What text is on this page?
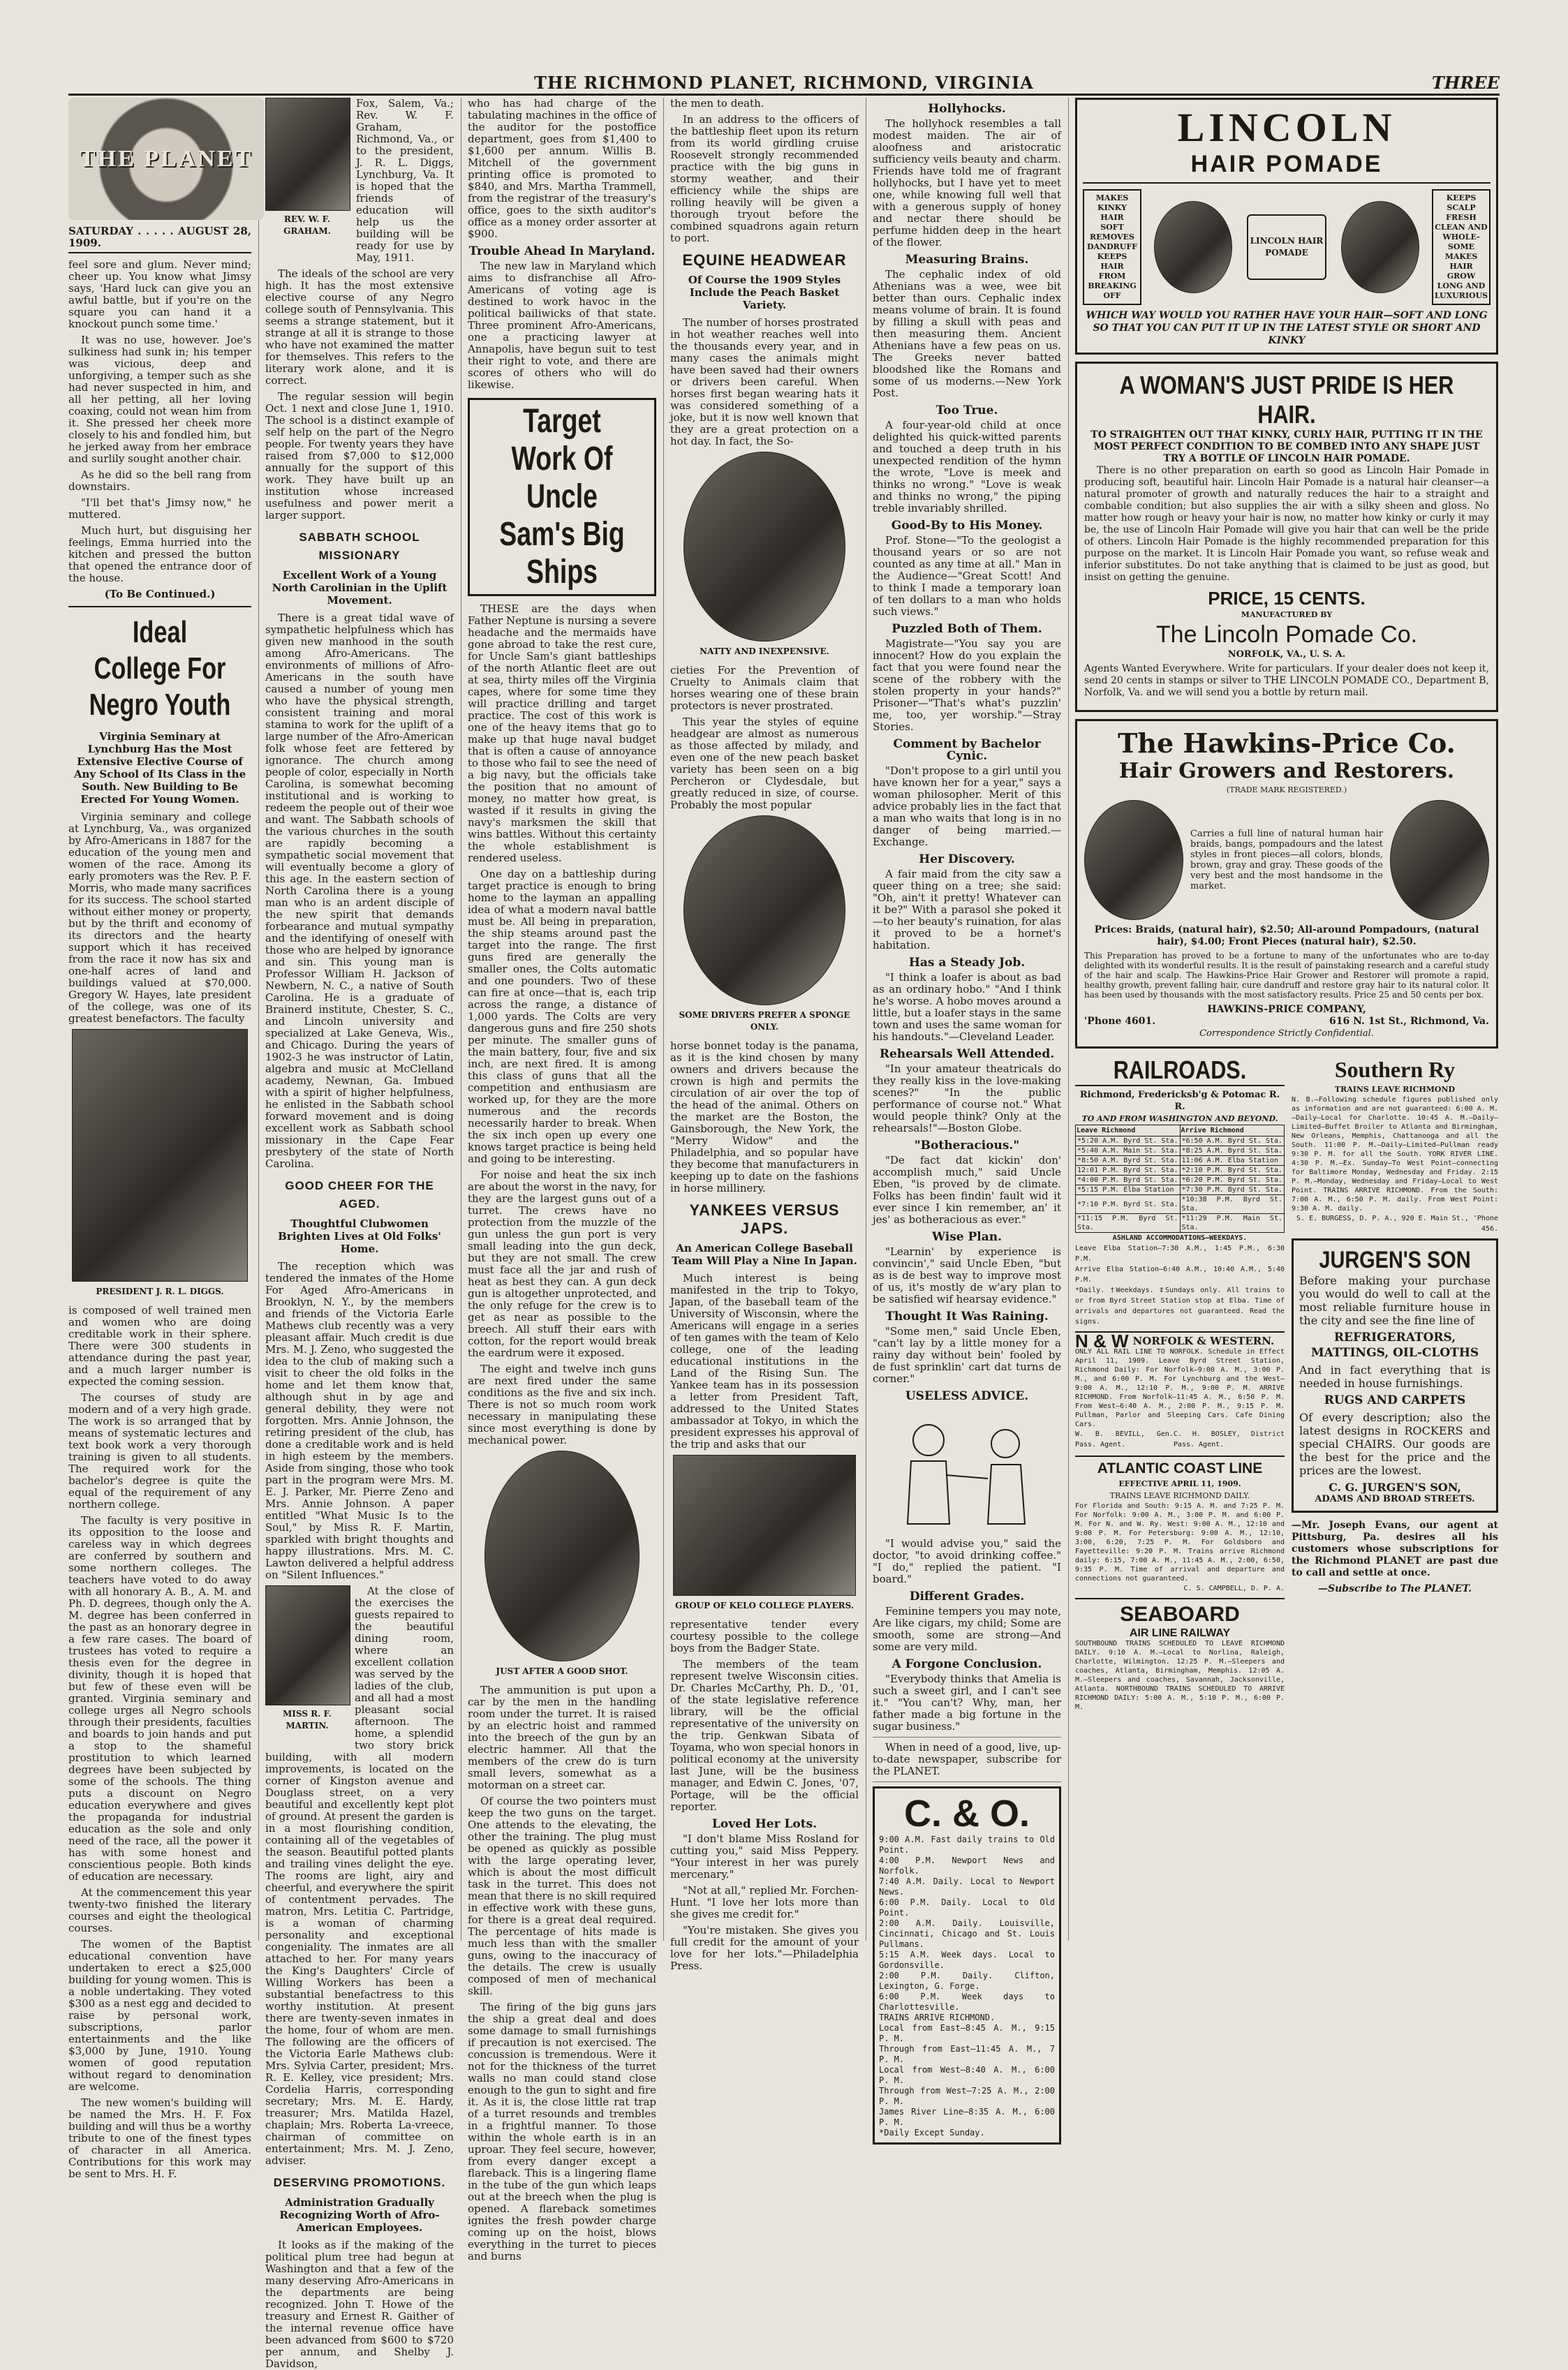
THE RICHMOND PLANET, RICHMOND, VIRGINIA	THREE
THE PLANET
SATURDAY . . . . . AUGUST 28, 1909.

feel sore and glum. Never mind; cheer up. You know what Jimsy says, 'Hard luck can give you an awful battle, but if you're on the square you can hand it a knockout punch some time.'

It was no use, however. Joe's sulkiness had sunk in; his temper was vicious, deep and unforgiving, a temper such as she had never suspected in him, and all her petting, all her loving coaxing, could not wean him from it. She pressed her cheek more closely to his and fondled him, but he jerked away from her embrace and surlily sought another chair.

As he did so the bell rang from downstairs.

"I'll bet that's Jimsy now," he muttered.

Much hurt, but disguising her feelings, Emma hurried into the kitchen and pressed the button that opened the entrance door of the house.

(To Be Continued.)
Ideal College For Negro Youth
Virginia Seminary at Lynchburg Has the Most Extensive Elective Course of Any School of Its Class in the South. New Building to Be Erected For Young Women.

Virginia seminary and college at Lynchburg, Va., was organized by Afro-Americans in 1887 for the education of the young men and women of the race. Among its early promoters was the Rev. P. F. Morris, who made many sacrifices for its success. The school started without either money or property, but by the thrift and economy of its directors and the hearty support which it has received from the race it now has six and one-half acres of land and buildings valued at $70,000. Gregory W. Hayes, late president of the college, was one of its greatest benefactors. The faculty

PRESIDENT J. R. L. DIGGS.

is composed of well trained men and women who are doing creditable work in their sphere. There were 300 students in attendance during the past year, and a much larger number is expected the coming session.

The courses of study are modern and of a very high grade. The work is so arranged that by means of systematic lectures and text book work a very thorough training is given to all students. The required work for the bachelor's degree is quite the equal of the requirement of any northern college.

The faculty is very positive in its opposition to the loose and careless way in which degrees are conferred by southern and some northern colleges. The teachers have voted to do away with all honorary A. B., A. M. and Ph. D. degrees, though only the A. M. degree has been conferred in the past as an honorary degree in a few rare cases. The board of trustees has voted to require a thesis even for the degree in divinity, though it is hoped that but few of these even will be granted. Virginia seminary and college urges all Negro schools through their presidents, faculties and boards to join hands and put a stop to the shameful prostitution to which learned degrees have been subjected by some of the schools. The thing puts a discount on Negro education everywhere and gives the propaganda for industrial education as the sole and only need of the race, all the power it has with some honest and conscientious people. Both kinds of education are necessary.

At the commencement this year twenty-two finished the literary courses and eight the theological courses.

The women of the Baptist educational convention have undertaken to erect a $25,000 building for young women. This is a noble undertaking. They voted $300 as a nest egg and decided to raise by personal work, subscriptions, parlor entertainments and the like $3,000 by June, 1910. Young women of good reputation without regard to denomination are welcome.

The new women's building will be named the Mrs. H. F. Fox building and will thus be a worthy tribute to one of the finest types of character in all America. Contributions for this work may be sent to Mrs. H. F.

REV. W. F. GRAHAM.

Fox, Salem, Va.; Rev. W. F. Graham, Richmond, Va., or to the president, J. R. L. Diggs, Lynchburg, Va. It is hoped that the friends of education will help us the building will be ready for use by May, 1911.

The ideals of the school are very high. It has the most extensive elective course of any Negro college south of Pennsylvania. This seems a strange statement, but it strange at all it is strange to those who have not examined the matter for themselves. This refers to the literary work alone, and it is correct.

The regular session will begin Oct. 1 next and close June 1, 1910. The school is a distinct example of self help on the part of the Negro people. For twenty years they have raised from $7,000 to $12,000 annually for the support of this work. They have built up an institution whose increased usefulness and power merit a larger support.

SABBATH SCHOOL MISSIONARY
Excellent Work of a Young North Carolinian in the Uplift Movement.

There is a great tidal wave of sympathetic helpfulness which has given new manhood in the south among Afro-Americans. The environments of millions of Afro-Americans in the south have caused a number of young men who have the physical strength, consistent training and moral stamina to work for the uplift of a large number of the Afro-American folk whose feet are fettered by ignorance. The church among people of color, especially in North Carolina, is somewhat becoming institutional and is working to redeem the people out of their woe and want. The Sabbath schools of the various churches in the south are rapidly becoming a sympathetic social movement that will eventually become a glory of this age. In the eastern section of North Carolina there is a young man who is an ardent disciple of the new spirit that demands forbearance and mutual sympathy and the identifying of oneself with those who are helped by ignorance and sin. This young man is Professor William H. Jackson of Newbern, N. C., a native of South Carolina. He is a graduate of Brainerd institute, Chester, S. C., and Lincoln university and specialized at Lake Geneva, Wis., and Chicago. During the years of 1902-3 he was instructor of Latin, algebra and music at McClelland academy, Newnan, Ga. Imbued with a spirit of higher helpfulness, he enlisted in the Sabbath school forward movement and is doing excellent work as Sabbath school missionary in the Cape Fear presbytery of the state of North Carolina.

GOOD CHEER FOR THE AGED.
Thoughtful Clubwomen Brighten Lives at Old Folks' Home.

The reception which was tendered the inmates of the Home For Aged Afro-Americans in Brooklyn, N. Y., by the members and friends of the Victoria Earle Mathews club recently was a very pleasant affair. Much credit is due Mrs. M. J. Zeno, who suggested the idea to the club of making such a visit to cheer the old folks in the home and let them know that, although shut in by age and general debility, they were not forgotten. Mrs. Annie Johnson, the retiring president of the club, has done a creditable work and is held in high esteem by the members. Aside from singing, those who took part in the program were Mrs. M. E. J. Parker, Mr. Pierre Zeno and Mrs. Annie Johnson. A paper entitled "What Music Is to the Soul," by Miss R. F. Martin, sparkled with bright thoughts and happy illustrations. Mrs. M. C. Lawton delivered a helpful address on "Silent Influences."

MISS R. F. MARTIN.

At the close of the exercises the guests repaired to the beautiful dining room, where an excellent collation was served by the ladies of the club, and all had a most pleasant social afternoon. The home, a splendid two story brick building, with all modern improvements, is located on the corner of Kingston avenue and Douglass street, on a very beautiful and excellently kept plot of ground. At present the garden is in a most flourishing condition, containing all of the vegetables of the season. Beautiful potted plants and trailing vines delight the eye. The rooms are light, airy and cheerful, and everywhere the spirit of contentment pervades. The matron, Mrs. Letitia C. Partridge, is a woman of charming personality and exceptional congeniality. The inmates are all attached to her. For many years the King's Daughters' Circle of Willing Workers has been a substantial benefactress to this worthy institution. At present there are twenty-seven inmates in the home, four of whom are men. The following are the officers of the Victoria Earle Mathews club: Mrs. Sylvia Carter, president; Mrs. R. E. Kelley, vice president; Mrs. Cordelia Harris, corresponding secretary; Mrs. M. E. Hardy, treasurer; Mrs. Matilda Hazel, chaplain; Mrs. Roberta La-vreece, chairman of committee on entertainment; Mrs. M. J. Zeno, adviser.

DESERVING PROMOTIONS.
Administration Gradually Recognizing Worth of Afro-American Employees.

It looks as if the making of the political plum tree had begun at Washington and that a few of the many deserving Afro-Americans in the departments are being recognized. John T. Howe of the treasury and Ernest R. Gaither of the internal revenue office have been advanced from $600 to $720 per annum, and Shelby J. Davidson,

who has had charge of the tabulating machines in the office of the auditor for the postoffice department, goes from $1,400 to $1,600 per annum. Willis B. Mitchell of the government printing office is promoted to $840, and Mrs. Martha Trammell, from the registrar of the treasury's office, goes to the sixth auditor's office as a money order assorter at $900.

Trouble Ahead In Maryland.

The new law in Maryland which aims to disfranchise all Afro-Americans of voting age is destined to work havoc in the political bailiwicks of that state. Three prominent Afro-Americans, one a practicing lawyer at Annapolis, have begun suit to test their right to vote, and there are scores of others who will do likewise.

Target Work Of Uncle Sam's Big Ships

THESE are the days when Father Neptune is nursing a severe headache and the mermaids have gone abroad to take the rest cure, for Uncle Sam's giant battleships of the north Atlantic fleet are out at sea, thirty miles off the Virginia capes, where for some time they will practice drilling and target practice. The cost of this work is one of the heavy items that go to make up that huge naval budget that is often a cause of annoyance to those who fail to see the need of a big navy, but the officials take the position that no amount of money, no matter how great, is wasted if it results in giving the navy's marksmen the skill that wins battles. Without this certainty the whole establishment is rendered useless.

One day on a battleship during target practice is enough to bring home to the layman an appalling idea of what a modern naval battle must be. All being in preparation, the ship steams around past the target into the range. The first guns fired are generally the smaller ones, the Colts automatic and one pounders. Two of these can fire at once—that is, each trip across the range, a distance of 1,000 yards. The Colts are very dangerous guns and fire 250 shots per minute. The smaller guns of the main battery, four, five and six inch, are next fired. It is among this class of guns that all the competition and enthusiasm are worked up, for they are the more numerous and the records necessarily harder to break. When the six inch open up every one knows target practice is being held and going to be interesting.

For noise and heat the six inch are about the worst in the navy, for they are the largest guns out of a turret. The crews have no protection from the muzzle of the gun unless the gun port is very small leading into the gun deck, but they are not small. The crew must face all the jar and rush of heat as best they can. A gun deck gun is altogether unprotected, and the only refuge for the crew is to get as near as possible to the breech. All stuff their ears with cotton, for the report would break the eardrum were it exposed.

The eight and twelve inch guns are next fired under the same conditions as the five and six inch. There is not so much room work necessary in manipulating these since most everything is done by mechanical power.

JUST AFTER A GOOD SHOT.

The ammunition is put upon a car by the men in the handling room under the turret. It is raised by an electric hoist and rammed into the breech of the gun by an electric hammer. All that the members of the crew do is turn small levers, somewhat as a motorman on a street car.

Of course the two pointers must keep the two guns on the target. One attends to the elevating, the other the training. The plug must be opened as quickly as possible with the large operating lever, which is about the most difficult task in the turret. This does not mean that there is no skill required in effective work with these guns, for there is a great deal required. The percentage of hits made is much less than with the smaller guns, owing to the inaccuracy of the details. The crew is usually composed of men of mechanical skill.

The firing of the big guns jars the ship a great deal and does some damage to small furnishings if precaution is not exercised. The concussion is tremendous. Were it not for the thickness of the turret walls no man could stand close enough to the gun to sight and fire it. As it is, the close little rat trap of a turret resounds and trembles in a frightful manner. To those within the whole earth is in an uproar. They feel secure, however, from every danger except a flareback. This is a lingering flame in the tube of the gun which leaps out at the breech when the plug is opened. A flareback sometimes ignites the fresh powder charge coming up on the hoist, blows everything in the turret to pieces and burns

the men to death.

In an address to the officers of the battleship fleet upon its return from its world girdling cruise Roosevelt strongly recommended practice with the big guns in stormy weather, and their efficiency while the ships are rolling heavily will be given a thorough tryout before the combined squadrons again return to port.

EQUINE HEADWEAR
Of Course the 1909 Styles Include the Peach Basket Variety.

The number of horses prostrated in hot weather reaches well into the thousands every year, and in many cases the animals might have been saved had their owners or drivers been careful. When horses first began wearing hats it was considered something of a joke, but it is now well known that they are a great protection on a hot day. In fact, the So-

NATTY AND INEXPENSIVE.

cieties For the Prevention of Cruelty to Animals claim that horses wearing one of these brain protectors is never prostrated.

This year the styles of equine headgear are almost as numerous as those affected by milady, and even one of the new peach basket variety has been seen on a big Percheron or Clydesdale, but greatly reduced in size, of course. Probably the most popular

SOME DRIVERS PREFER A SPONGE ONLY.

horse bonnet today is the panama, as it is the kind chosen by many owners and drivers because the crown is high and permits the circulation of air over the top of the head of the animal. Others on the market are the Boston, the Gainsborough, the New York, the "Merry Widow" and the Philadelphia, and so popular have they become that manufacturers in keeping up to date on the fashions in horse millinery.

YANKEES VERSUS JAPS.
An American College Baseball Team Will Play a Nine In Japan.

Much interest is being manifested in the trip to Tokyo, Japan, of the baseball team of the University of Wisconsin, where the Americans will engage in a series of ten games with the team of Kelo college, one of the leading educational institutions in the Land of the Rising Sun. The Yankee team has in its possession a letter from President Taft, addressed to the United States ambassador at Tokyo, in which the president expresses his approval of the trip and asks that our

GROUP OF KELO COLLEGE PLAYERS.

representative tender every courtesy possible to the college boys from the Badger State.

The members of the team represent twelve Wisconsin cities. Dr. Charles McCarthy, Ph. D., '01, of the state legislative reference library, will be the official representative of the university on the trip. Genkwan Sibata of Toyama, who won special honors in political economy at the university last June, will be the business manager, and Edwin C. Jones, '07, Portage, will be the official reporter.

Loved Her Lots.

"I don't blame Miss Rosland for cutting you," said Miss Peppery. "Your interest in her was purely mercenary."

"Not at all," replied Mr. Forchen-Hunt. "I love her lots more than she gives me credit for."

"You're mistaken. She gives you full credit for the amount of your love for her lots."—Philadelphia Press.

Hollyhocks.

The hollyhock resembles a tall modest maiden. The air of aloofness and aristocratic sufficiency veils beauty and charm. Friends have told me of fragrant hollyhocks, but I have yet to meet one, while knowing full well that with a generous supply of honey and nectar there should be perfume hidden deep in the heart of the flower.

Measuring Brains.

The cephalic index of old Athenians was a wee, wee bit better than ours. Cephalic index means volume of brain. It is found by filling a skull with peas and then measuring them. Ancient Athenians have a few peas on us. The Greeks never batted bloodshed like the Romans and some of us moderns.—New York Post.

Too True.

A four-year-old child at once delighted his quick-witted parents and touched a deep truth in his unexpected rendition of the hymn the wrote, "Love is meek and thinks no wrong." "Love is weak and thinks no wrong," the piping treble invariably shrilled.

Good-By to His Money.

Prof. Stone—"To the geologist a thousand years or so are not counted as any time at all." Man in the Audience—"Great Scott! And to think I made a temporary loan of ten dollars to a man who holds such views."

Puzzled Both of Them.

Magistrate—"You say you are innocent? How do you explain the fact that you were found near the scene of the robbery with the stolen property in your hands?" Prisoner—"That's what's puzzlin' me, too, yer worship."—Stray Stories.

Comment by Bachelor Cynic.

"Don't propose to a girl until you have known her for a year," says a woman philosopher. Merit of this advice probably lies in the fact that a man who waits that long is in no danger of being married.—Exchange.

Her Discovery.

A fair maid from the city saw a queer thing on a tree; she said: "Oh, ain't it pretty! Whatever can it be?" With a parasol she poked it—to her beauty's ruination, for alas it proved to be a hornet's habitation.

Has a Steady Job.

"I think a loafer is about as bad as an ordinary hobo." "And I think he's worse. A hobo moves around a little, but a loafer stays in the same town and uses the same woman for his handouts."—Cleveland Leader.

Rehearsals Well Attended.

"In your amateur theatricals do they really kiss in the love-making scenes?" "In the public performance of course not." What would people think? Only at the rehearsals!"—Boston Globe.

"Botheracious."

"De fact dat kickin' don' accomplish much," said Uncle Eben, "is proved by de climate. Folks has been findin' fault wid it ever since I kin remember, an' it jes' as botheracious as ever."

Wise Plan.

"Learnin' by experience is convincin'," said Uncle Eben, "but as is de best way to improve most of us, it's mostly de w'ary plan to be satisfied wif hearsay evidence."

Thought It Was Raining.

"Some men," said Uncle Eben, "can't lay by a little money for a rainy day without bein' fooled by de fust sprinklin' cart dat turns de corner."

USELESS ADVICE.

"I would advise you," said the doctor, "to avoid drinking coffee." "I do," replied the patient. "I board."

Different Grades.

Feminine tempers you may note, Are like cigars, my child; Some are smooth, some are strong—And some are very mild.

A Forgone Conclusion.

"Everybody thinks that Amelia is such a sweet girl, and I can't see it." "You can't? Why, man, her father made a big fortune in the sugar business."

When in need of a good, live, up-to-date newspaper, subscribe for the PLANET.

C. & O.
9:00 A.M. Fast daily trains to Old Point.
4:00 P.M. Newport News and Norfolk.
7:40 A.M. Daily. Local to Newport News.
6:00 P.M. Daily. Local to Old Point.
2:00 A.M. Daily. Louisville, Cincinnati, Chicago and St. Louis Pullmans.
5:15 A.M. Week days. Local to Gordonsville.
2:00 P.M. Daily. Clifton, Lexington, G. Forge.
6:00 P.M. Week days to Charlottesville.
TRAINS ARRIVE RICHMOND.
Local from East—8:45 A. M., 9:15 P. M.
Through from East—11:45 A. M., 7 P. M.
Local from West—8:40 A. M., 6:00 P. M.
Through from West—7:25 A. M., 2:00 P. M.
James River Line—8:35 A. M., 6:00 P. M.
*Daily Except Sunday.
LINCOLN
HAIR POMADE
MAKES
KINKY
HAIR
SOFT
REMOVES
DANDRUFF
KEEPS
HAIR
FROM
BREAKING
OFF
LINCOLN HAIR POMADE
KEEPS
SCALP
FRESH
CLEAN AND
WHOLE-
SOME
MAKES
HAIR
GROW
LONG AND
LUXURIOUS
WHICH WAY WOULD YOU RATHER HAVE YOUR HAIR—SOFT AND LONG SO THAT YOU CAN PUT IT UP IN THE LATEST STYLE OR SHORT AND KINKY
A WOMAN'S JUST PRIDE IS HER HAIR.
TO STRAIGHTEN OUT THAT KINKY, CURLY HAIR, PUTTING IT IN THE MOST PERFECT CONDITION TO BE COMBED INTO ANY SHAPE JUST TRY A BOTTLE OF LINCOLN HAIR POMADE.

There is no other preparation on earth so good as Lincoln Hair Pomade in producing soft, beautiful hair. Lincoln Hair Pomade is a natural hair cleanser—a natural promoter of growth and naturally reduces the hair to a straight and combable condition; but also supplies the air with a silky sheen and gloss. No matter how rough or heavy your hair is now, no matter how kinky or curly it may be, the use of Lincoln Hair Pomade will give you hair that can well be the pride of others. Lincoln Hair Pomade is the highly recommended preparation for this purpose on the market. It is Lincoln Hair Pomade you want, so refuse weak and inferior substitutes. Do not take anything that is claimed to be just as good, but insist on getting the genuine.

PRICE, 15 CENTS.
MANUFACTURED BY
The Lincoln Pomade Co.
NORFOLK, VA., U. S. A.

Agents Wanted Everywhere. Write for particulars. If your dealer does not keep it, send 20 cents in stamps or silver to THE LINCOLN POMADE CO., Department B, Norfolk, Va. and we will send you a bottle by return mail.

The Hawkins-Price Co.
Hair Growers and Restorers.
(TRADE MARK REGISTERED.)
Carries a full line of natural human hair braids, bangs, pompadours and the latest styles in front pieces—all colors, blonds, brown, gray and gray. These goods of the very best and the most handsome in the market.
Prices: Braids, (natural hair), $2.50; All-around Pompadours, (natural hair), $4.00; Front Pieces (natural hair), $2.50.

This Preparation has proved to be a fortune to many of the unfortunates who are to-day delighted with its wonderful results. It is the result of painstaking research and a careful study of the hair and scalp. The Hawkins-Price Hair Grower and Restorer will promote a rapid, healthy growth, prevent falling hair, cure dandruff and restore gray hair to its natural color. It has been used by thousands with the most satisfactory results. Price 25 and 50 cents per box.

HAWKINS-PRICE COMPANY,
'Phone 4601.	616 N. 1st St., Richmond, Va.
Correspondence Strictly Confidential.
RAILROADS.
Richmond, Fredericksb'g & Potomac R. R.
TO AND FROM WASHINGTON AND BEYOND.
Leave Richmond	Arrive Richmond
*5:20 A.M. Byrd St. Sta.	*6:50 A.M. Byrd St. Sta.
*5:40 A.M. Main St. Sta.	*8:25 A.M. Byrd St. Sta.
*8:50 A.M. Byrd St. Sta.	11:06 A.M. Elba Station
12:01 P.M. Byrd St. Sta.	*2:10 P.M. Byrd St. Sta.
*4:00 P.M. Byrd St. Sta.	*6:20 P.M. Byrd St. Sta.
*5:15 P.M. Elba Station	*7:30 P.M. Byrd St. Sta.
*7:10 P.M. Byrd St. Sta.	*10:38 P.M. Byrd St. Sta.
*11:15 P.M. Byrd St. Sta.	*11:29 P.M. Main St. Sta.
ASHLAND ACCOMMODATIONS—WEEKDAYS.
Leave Elba Station—7:30 A.M., 1:45 P.M., 6:30 P.M.
Arrive Elba Station—6:40 A.M., 10:40 A.M., 5:40 P.M.
*Daily. †Weekdays. ‡Sundays only. All trains to or from Byrd Street Station stop at Elba. Time of arrivals and departures not guaranteed. Read the signs.
N & W NORFOLK & WESTERN.
ONLY ALL RAIL LINE TO NORFOLK. Schedule in Effect April 11, 1909. Leave Byrd Street Station, Richmond Daily: For Norfolk—9:00 A. M., 3:00 P. M., and 6:00 P. M. For Lynchburg and the West—9:00 A. M., 12:10 P. M., 9:00 P. M. ARRIVE RICHMOND. From Norfolk—11:45 A. M., 6:50 P. M. From West—6:40 A. M., 2:00 P. M., 9:15 P. M. Pullman, Parlor and Sleeping Cars. Cafe Dining Cars.
W. B. BEVILL, Gen. Pass. Agent.
C. H. BOSLEY, District Pass. Agent.
ATLANTIC COAST LINE
EFFECTIVE APRIL 11, 1909.
TRAINS LEAVE RICHMOND DAILY.
For Florida and South: 9:15 A. M. and 7:25 P. M. For Norfolk: 9:00 A. M., 3:00 P. M. and 6:00 P. M. For N. and W. Ry. West: 9:00 A. M., 12:10 and 9:00 P. M. For Petersburg: 9:00 A. M., 12:10, 3:00, 6:20, 7:25 P. M. For Goldsboro and Fayetteville: 9:20 P. M. Trains arrive Richmond daily: 6:15, 7:00 A. M., 11:45 A. M., 2:00, 6:50, 9:35 P. M. Time of arrival and departure and connections not guaranteed.
C. S. CAMPBELL, D. P. A.
SEABOARD
AIR LINE RAILWAY
SOUTHBOUND TRAINS SCHEDULED TO LEAVE RICHMOND DAILY. 9:10 A. M.—Local to Norlina, Raleigh, Charlotte, Wilmington. 12:25 P. M.—Sleepers and coaches, Atlanta, Birmingham, Memphis. 12:05 A. M.—Sleepers and coaches, Savannah, Jacksonville, Atlanta. NORTHBOUND TRAINS SCHEDULED TO ARRIVE RICHMOND DAILY: 5:00 A. M., 5:10 P. M., 6:00 P. M.
Southern Ry
TRAINS LEAVE RICHMOND
N. B.—Following schedule figures published only as information and are not guaranteed: 6:00 A. M.—Daily—Local for Charlotte. 10:45 A. M.—Daily—Limited—Buffet Broiler to Atlanta and Birmingham, New Orleans, Memphis, Chattanooga and all the South. 11:00 P. M.—Daily—Limited—Pullman ready 9:30 P. M. for all the South. YORK RIVER LINE. 4:30 P. M.—Ex. Sunday—To West Point—connecting for Baltimore Monday, Wednesday and Friday. 2:15 P. M.—Monday, Wednesday and Friday—Local to West Point. TRAINS ARRIVE RICHMOND. From the South: 7:00 A. M., 6:50 P. M. daily. From West Point: 9:30 A. M. daily.
S. E. BURGESS, D. P. A., 920 E. Main St., 'Phone 456.
JURGEN'S SON
Before making your purchase you would do well to call at the most reliable furniture house in the city and see the fine line of
REFRIGERATORS, MATTINGS, OIL-CLOTHS
And in fact everything that is needed in house furnishings.
RUGS AND CARPETS
Of every description; also the latest designs in ROCKERS and special CHAIRS. Our goods are the best for the price and the prices are the lowest.
C. G. JURGEN'S SON,
ADAMS AND BROAD STREETS.

—Mr. Joseph Evans, our agent at Pittsburg, Pa. desires all his customers whose subscriptions for the Richmond PLANET are past due to call and settle at once.

—Subscribe to The PLANET.
